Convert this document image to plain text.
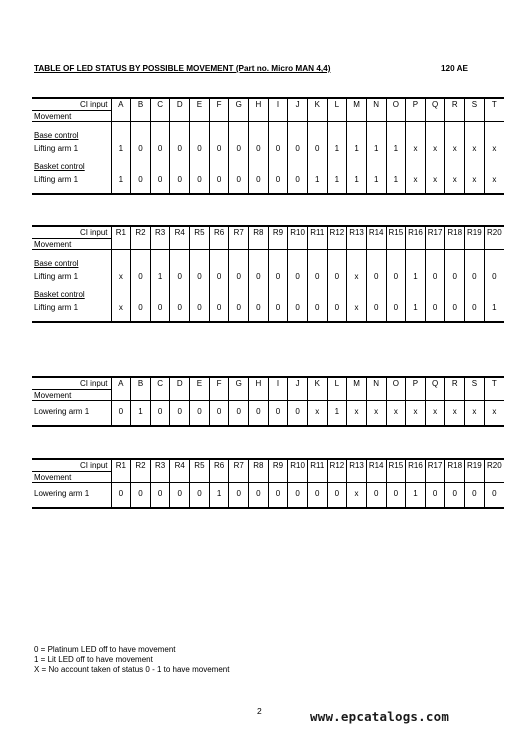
TABLE OF LED STATUS BY POSSIBLE MOVEMENT (Part no. Micro MAN 4,4)	120 AE
CI input	A	B	C	D	E	F	G	H	I	J	K	L	M	N	O	P	Q	R	S	T
Movement																				

Base control																				
Lifting arm 1	1	0	0	0	0	0	0	0	0	0	0	1	1	1	1	x	x	x	x	x
Basket control																				
Lifting arm 1	1	0	0	0	0	0	0	0	0	0	1	1	1	1	1	x	x	x	x	x

CI input	R1	R2	R3	R4	R5	R6	R7	R8	R9	R10	R11	R12	R13	R14	R15	R16	R17	R18	R19	R20
Movement																				

Base control																				
Lifting arm 1	x	0	1	0	0	0	0	0	0	0	0	0	x	0	0	1	0	0	0	0
Basket control																				
Lifting arm 1	x	0	0	0	0	0	0	0	0	0	0	0	x	0	0	1	0	0	0	1

CI input	A	B	C	D	E	F	G	H	I	J	K	L	M	N	O	P	Q	R	S	T
Movement																				

Lowering arm 1	0	1	0	0	0	0	0	0	0	0	x	1	x	x	x	x	x	x	x	x

CI input	R1	R2	R3	R4	R5	R6	R7	R8	R9	R10	R11	R12	R13	R14	R15	R16	R17	R18	R19	R20
Movement																				

Lowering arm 1	0	0	0	0	0	1	0	0	0	0	0	0	x	0	0	1	0	0	0	0

0 = Platinum LED off to have movement
1 = Lit LED off to have movement
X = No account taken of status 0 - 1 to have movement
2	www.epcatalogs.com
